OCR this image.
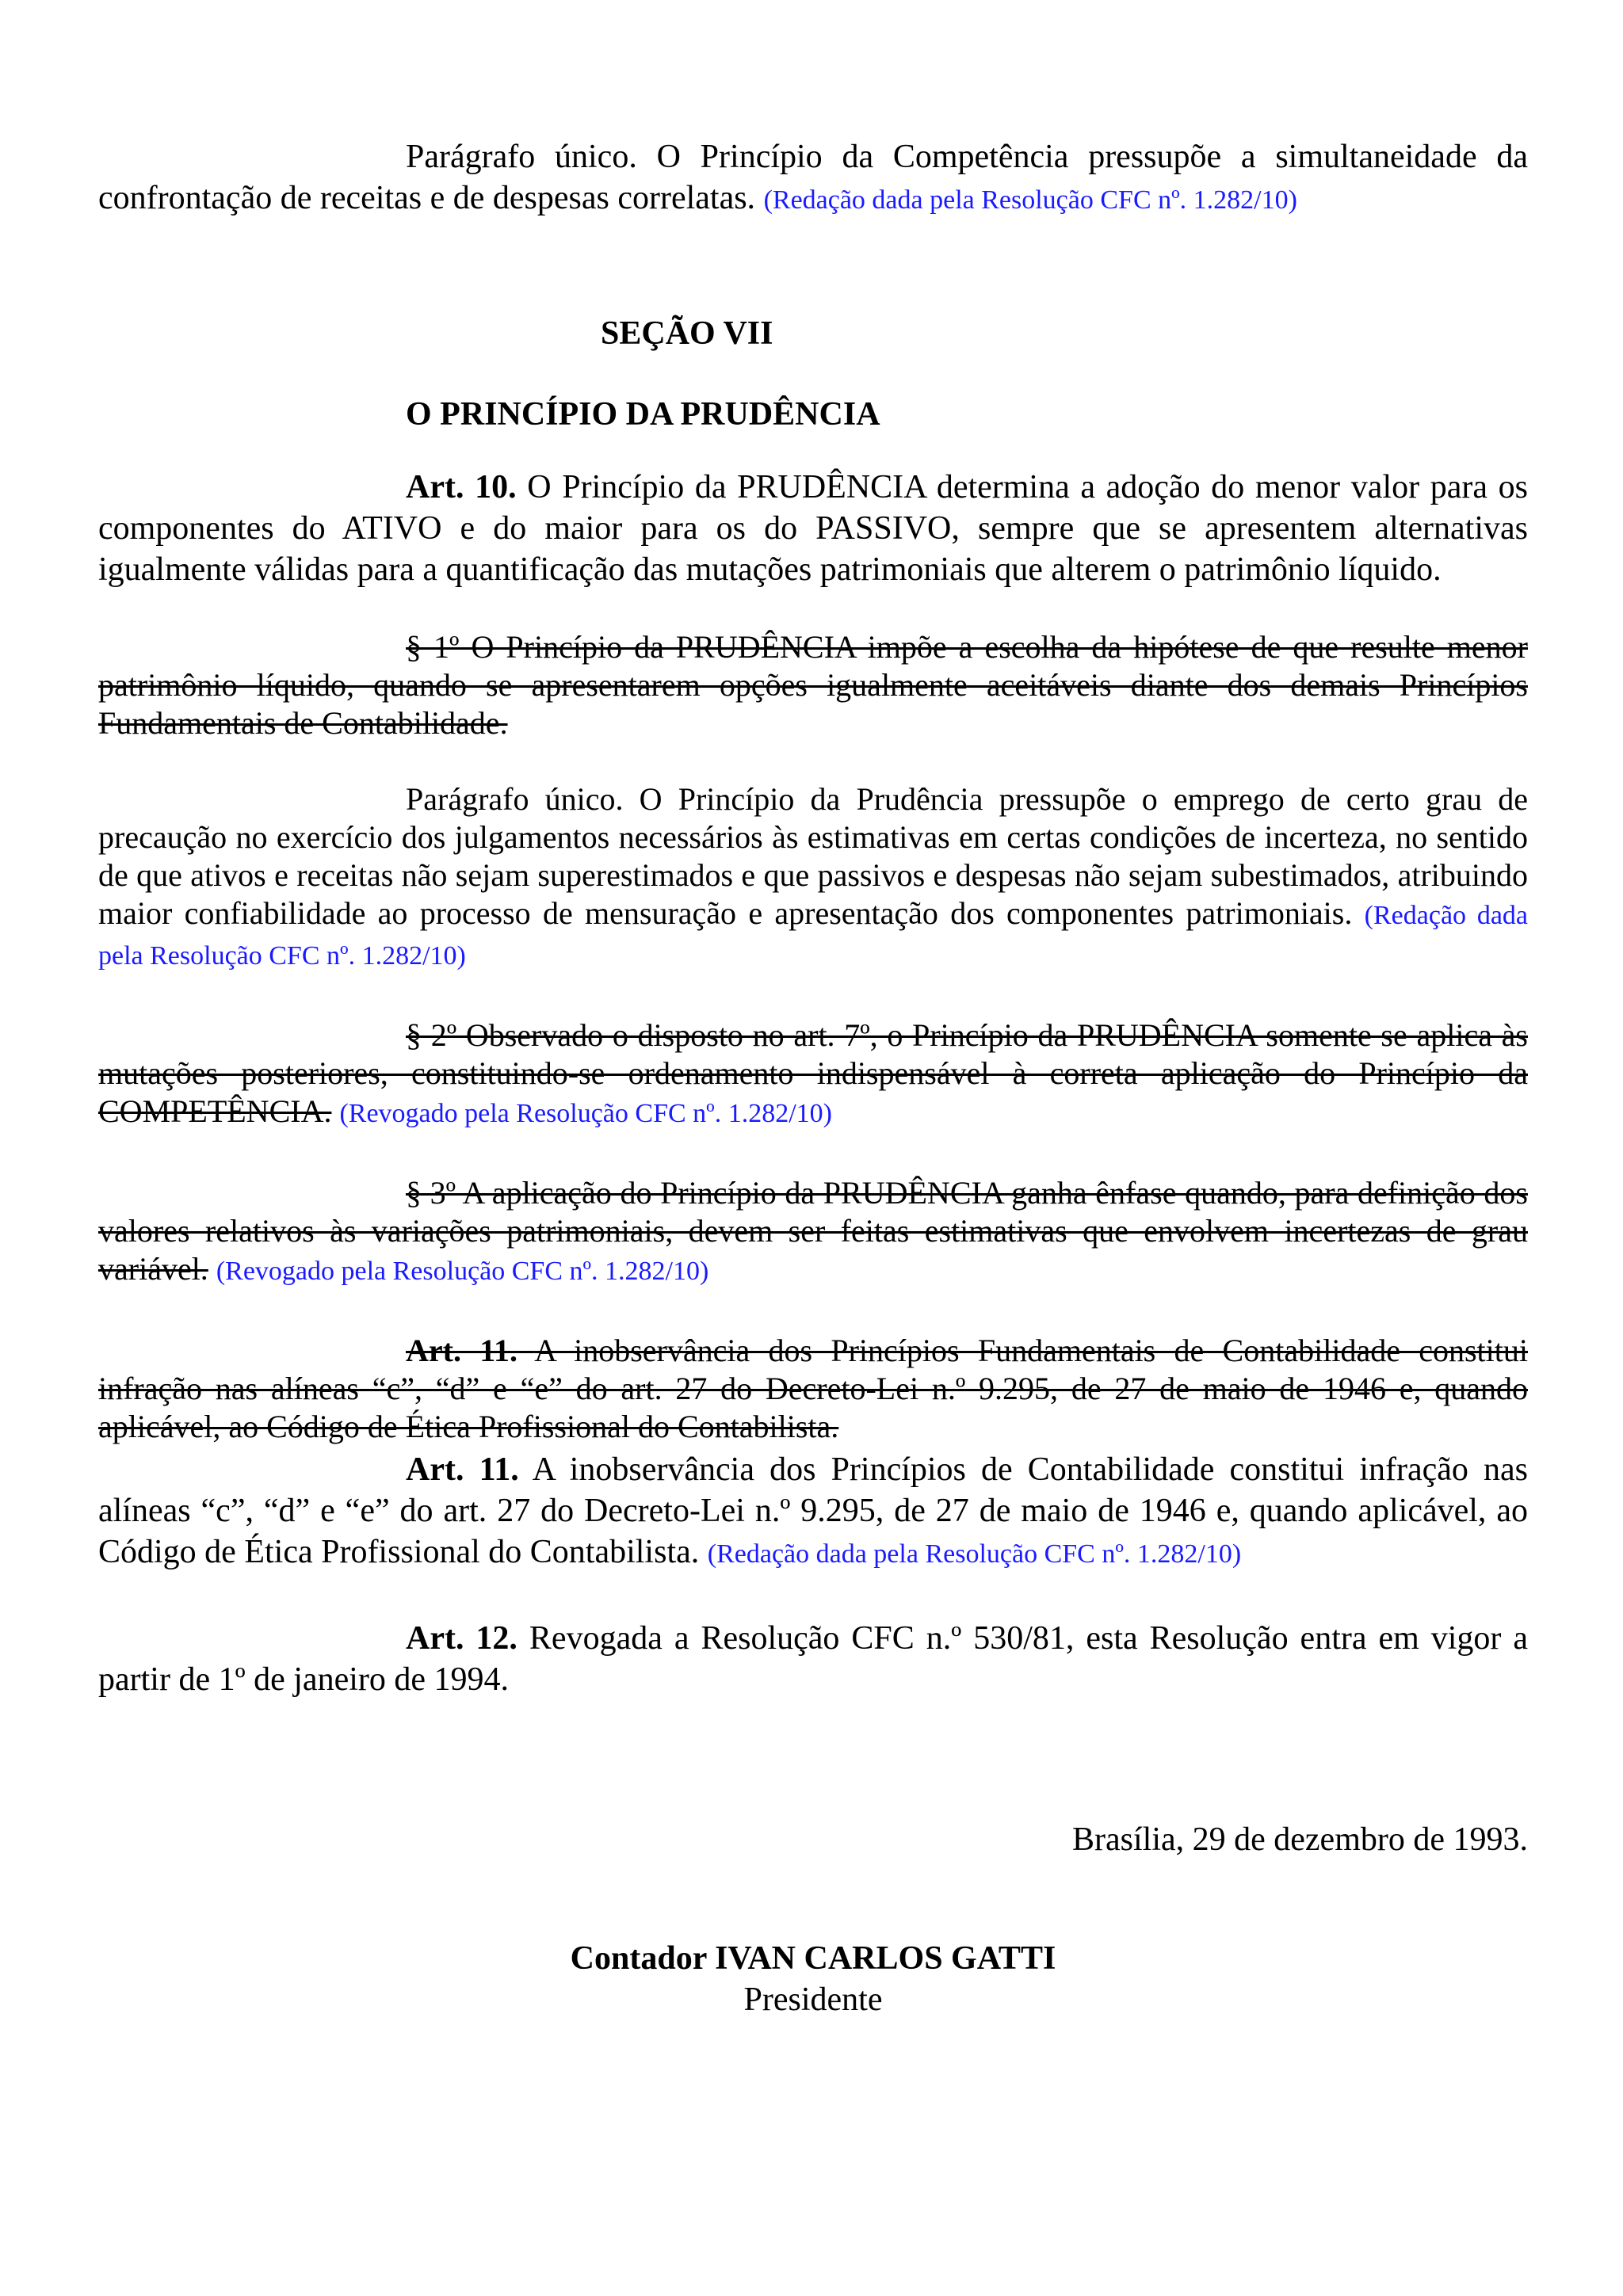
Parágrafo único. O Princípio da Competência pressupõe a simultaneidade da confrontação de receitas e de despesas correlatas. (Redação dada pela Resolução CFC nº. 1.282/10)

SEÇÃO VII

O PRINCÍPIO DA PRUDÊNCIA

Art. 10. O Princípio da PRUDÊNCIA determina a adoção do menor valor para os componentes do ATIVO e do maior para os do PASSIVO, sempre que se apresentem alternativas igualmente válidas para a quantificação das mutações patrimoniais que alterem o patrimônio líquido.

§ 1º O Princípio da PRUDÊNCIA impõe a escolha da hipótese de que resulte menor patrimônio líquido, quando se apresentarem opções igualmente aceitáveis diante dos demais Princípios Fundamentais de Contabilidade.

Parágrafo único. O Princípio da Prudência pressupõe o emprego de certo grau de precaução no exercício dos julgamentos necessários às estimativas em certas condições de incerteza, no sentido de que ativos e receitas não sejam superestimados e que passivos e despesas não sejam subestimados, atribuindo maior confiabilidade ao processo de mensuração e apresentação dos componentes patrimoniais. (Redação dada pela Resolução CFC nº. 1.282/10)

§ 2º Observado o disposto no art. 7º, o Princípio da PRUDÊNCIA somente se aplica às mutações posteriores, constituindo-se ordenamento indispensável à correta aplicação do Princípio da COMPETÊNCIA. (Revogado pela Resolução CFC nº. 1.282/10)

§ 3º A aplicação do Princípio da PRUDÊNCIA ganha ênfase quando, para definição dos valores relativos às variações patrimoniais, devem ser feitas estimativas que envolvem incertezas de grau variável. (Revogado pela Resolução CFC nº. 1.282/10)

Art. 11. A inobservância dos Princípios Fundamentais de Contabilidade constitui infração nas alíneas “c”, “d” e “e” do art. 27 do Decreto-Lei n.º 9.295, de 27 de maio de 1946 e, quando aplicável, ao Código de Ética Profissional do Contabilista.

Art. 11. A inobservância dos Princípios de Contabilidade constitui infração nas alíneas “c”, “d” e “e” do art. 27 do Decreto-Lei n.º 9.295, de 27 de maio de 1946 e, quando aplicável, ao Código de Ética Profissional do Contabilista. (Redação dada pela Resolução CFC nº. 1.282/10)

Art. 12. Revogada a Resolução CFC n.º 530/81, esta Resolução entra em vigor a partir de 1º de janeiro de 1994.

Brasília, 29 de dezembro de 1993.

Contador IVAN CARLOS GATTI

Presidente
